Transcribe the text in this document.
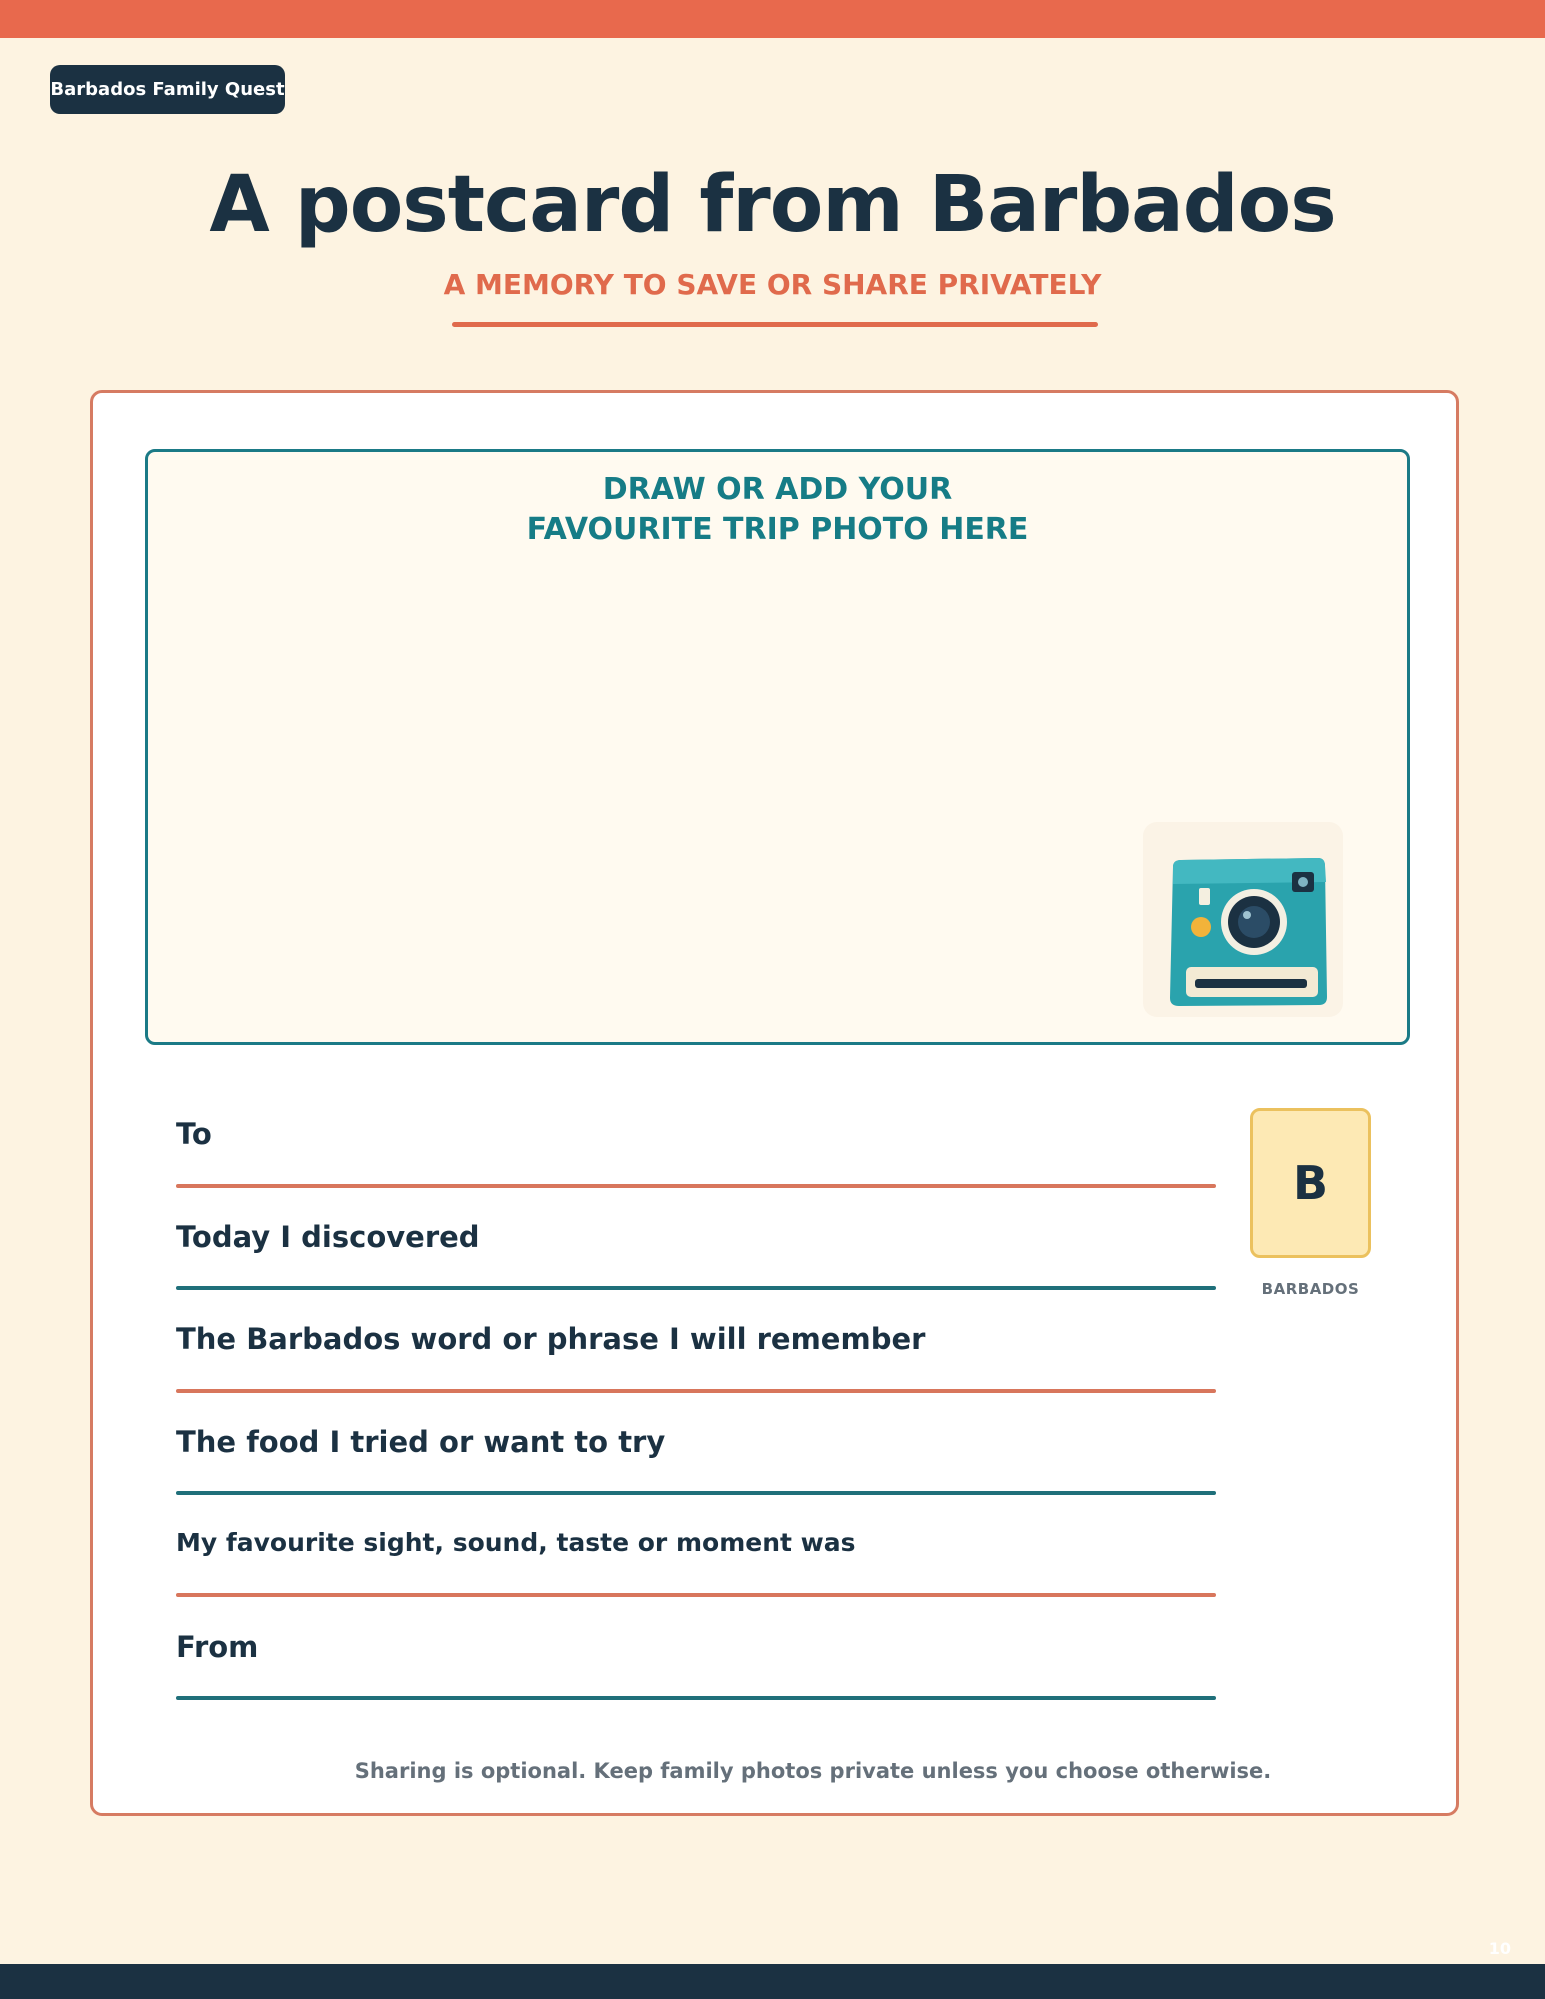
Barbados Family Quest
A postcard from Barbados
A MEMORY TO SAVE OR SHARE PRIVATELY
DRAW OR ADD YOUR
FAVOURITE TRIP PHOTO HERE
To
Today I discovered
The Barbados word or phrase I will remember
The food I tried or want to try
My favourite sight, sound, taste or moment was
From
B
BARBADOS
Sharing is optional. Keep family photos private unless you choose otherwise.
10
